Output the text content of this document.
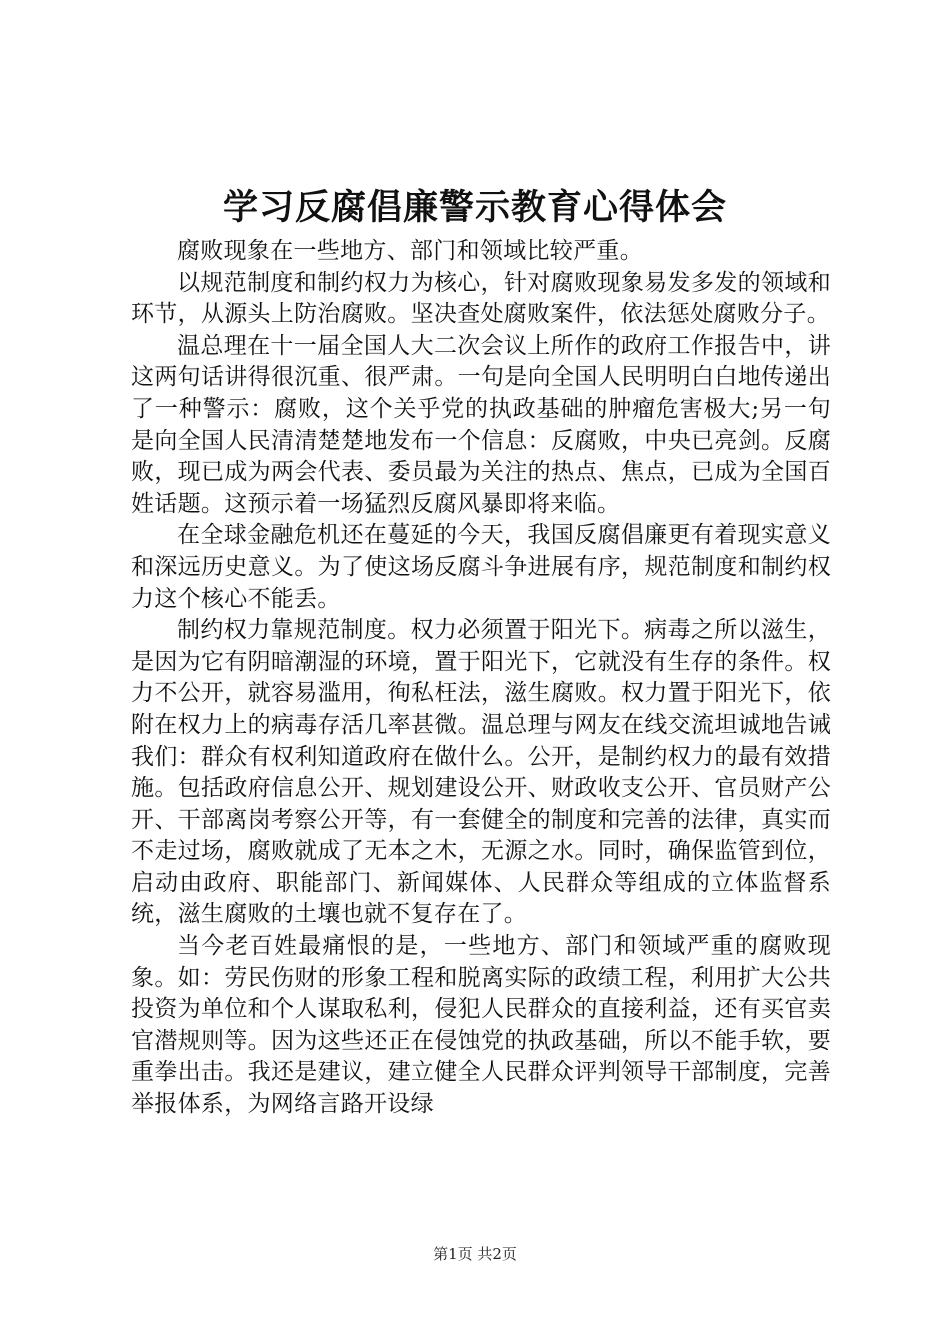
学习反腐倡廉警示教育心得体会

腐败现象在一些地方、部门和领域比较严重。

以规范制度和制约权力为核心，针对腐败现象易发多发的领域和环节，从源头上防治腐败。坚决查处腐败案件，依法惩处腐败分子。

温总理在十一届全国人大二次会议上所作的政府工作报告中，讲这两句话讲得很沉重、很严肃。一句是向全国人民明明白白地传递出了一种警示：腐败，这个关乎党的执政基础的肿瘤危害极大;另一句是向全国人民清清楚楚地发布一个信息：反腐败，中央已亮剑。反腐败，现已成为两会代表、委员最为关注的热点、焦点，已成为全国百姓话题。这预示着一场猛烈反腐风暴即将来临。

在全球金融危机还在蔓延的今天，我国反腐倡廉更有着现实意义和深远历史意义。为了使这场反腐斗争进展有序，规范制度和制约权力这个核心不能丢。

制约权力靠规范制度。权力必须置于阳光下。病毒之所以滋生，是因为它有阴暗潮湿的环境，置于阳光下，它就没有生存的条件。权力不公开，就容易滥用，徇私枉法，滋生腐败。权力置于阳光下，依附在权力上的病毒存活几率甚微。温总理与网友在线交流坦诚地告诫我们：群众有权利知道政府在做什么。公开，是制约权力的最有效措施。包括政府信息公开、规划建设公开、财政收支公开、官员财产公开、干部离岗考察公开等，有一套健全的制度和完善的法律，真实而不走过场，腐败就成了无本之木，无源之水。同时，确保监管到位，启动由政府、职能部门、新闻媒体、人民群众等组成的立体监督系统，滋生腐败的土壤也就不复存在了。

当今老百姓最痛恨的是，一些地方、部门和领域严重的腐败现象。如：劳民伤财的形象工程和脱离实际的政绩工程，利用扩大公共投资为单位和个人谋取私利，侵犯人民群众的直接利益，还有买官卖官潜规则等。因为这些还正在侵蚀党的执政基础，所以不能手软，要重拳出击。我还是建议，建立健全人民群众评判领导干部制度，完善举报体系，为网络言路开设绿

第1页 共2页
